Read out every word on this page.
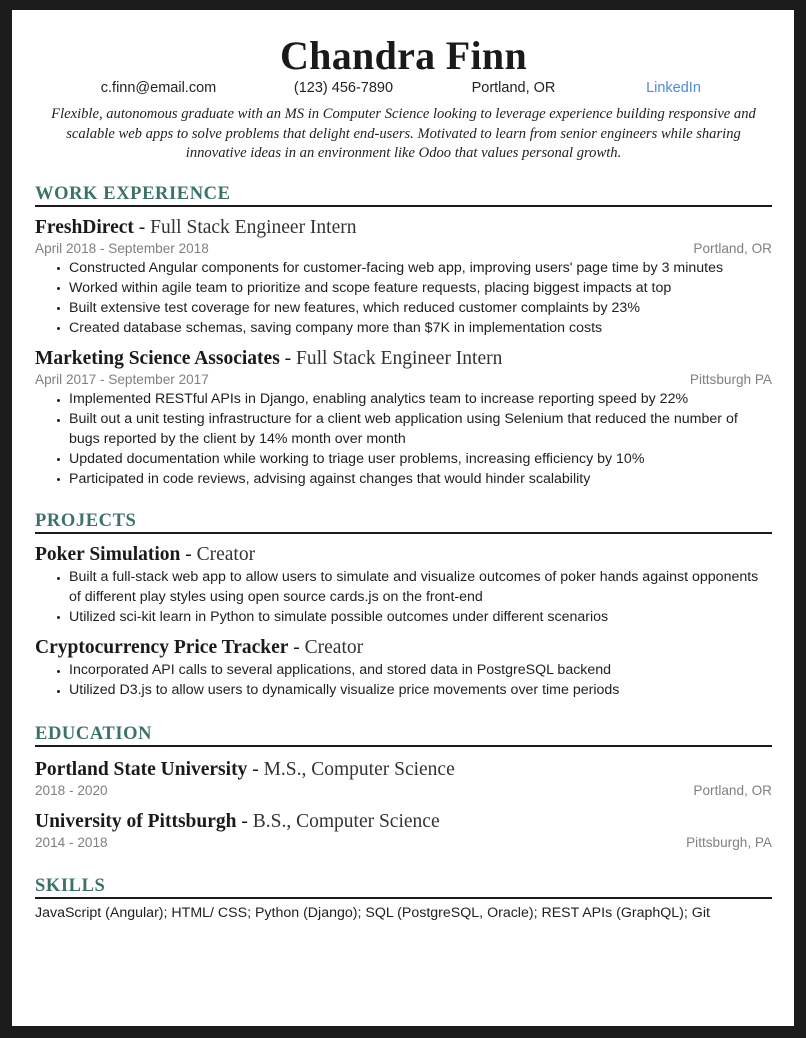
Chandra Finn
c.finn@email.com	(123) 456-7890	Portland, OR	LinkedIn

Flexible, autonomous graduate with an MS in Computer Science looking to leverage experience building responsive and scalable web apps to solve problems that delight end-users. Motivated to learn from senior engineers while sharing innovative ideas in an environment like Odoo that values personal growth.

WORK EXPERIENCE
FreshDirect - Full Stack Engineer Intern
April 2018 - September 2018	Portland, OR
Constructed Angular components for customer-facing web app, improving users' page time by 3 minutes
Worked within agile team to prioritize and scope feature requests, placing biggest impacts at top
Built extensive test coverage for new features, which reduced customer complaints by 23%
Created database schemas, saving company more than $7K in implementation costs
Marketing Science Associates - Full Stack Engineer Intern
April 2017 - September 2017	Pittsburgh PA
Implemented RESTful APIs in Django, enabling analytics team to increase reporting speed by 22%
Built out a unit testing infrastructure for a client web application using Selenium that reduced the number of bugs reported by the client by 14% month over month
Updated documentation while working to triage user problems, increasing efficiency by 10%
Participated in code reviews, advising against changes that would hinder scalability
PROJECTS
Poker Simulation - Creator
Built a full-stack web app to allow users to simulate and visualize outcomes of poker hands against opponents of different play styles using open source cards.js on the front-end
Utilized sci-kit learn in Python to simulate possible outcomes under different scenarios
Cryptocurrency Price Tracker - Creator
Incorporated API calls to several applications, and stored data in PostgreSQL backend
Utilized D3.js to allow users to dynamically visualize price movements over time periods
EDUCATION
Portland State University - M.S., Computer Science
2018 - 2020	Portland, OR
University of Pittsburgh - B.S., Computer Science
2014 - 2018	Pittsburgh, PA
SKILLS
JavaScript (Angular); HTML/ CSS; Python (Django); SQL (PostgreSQL, Oracle); REST APIs (GraphQL); Git
